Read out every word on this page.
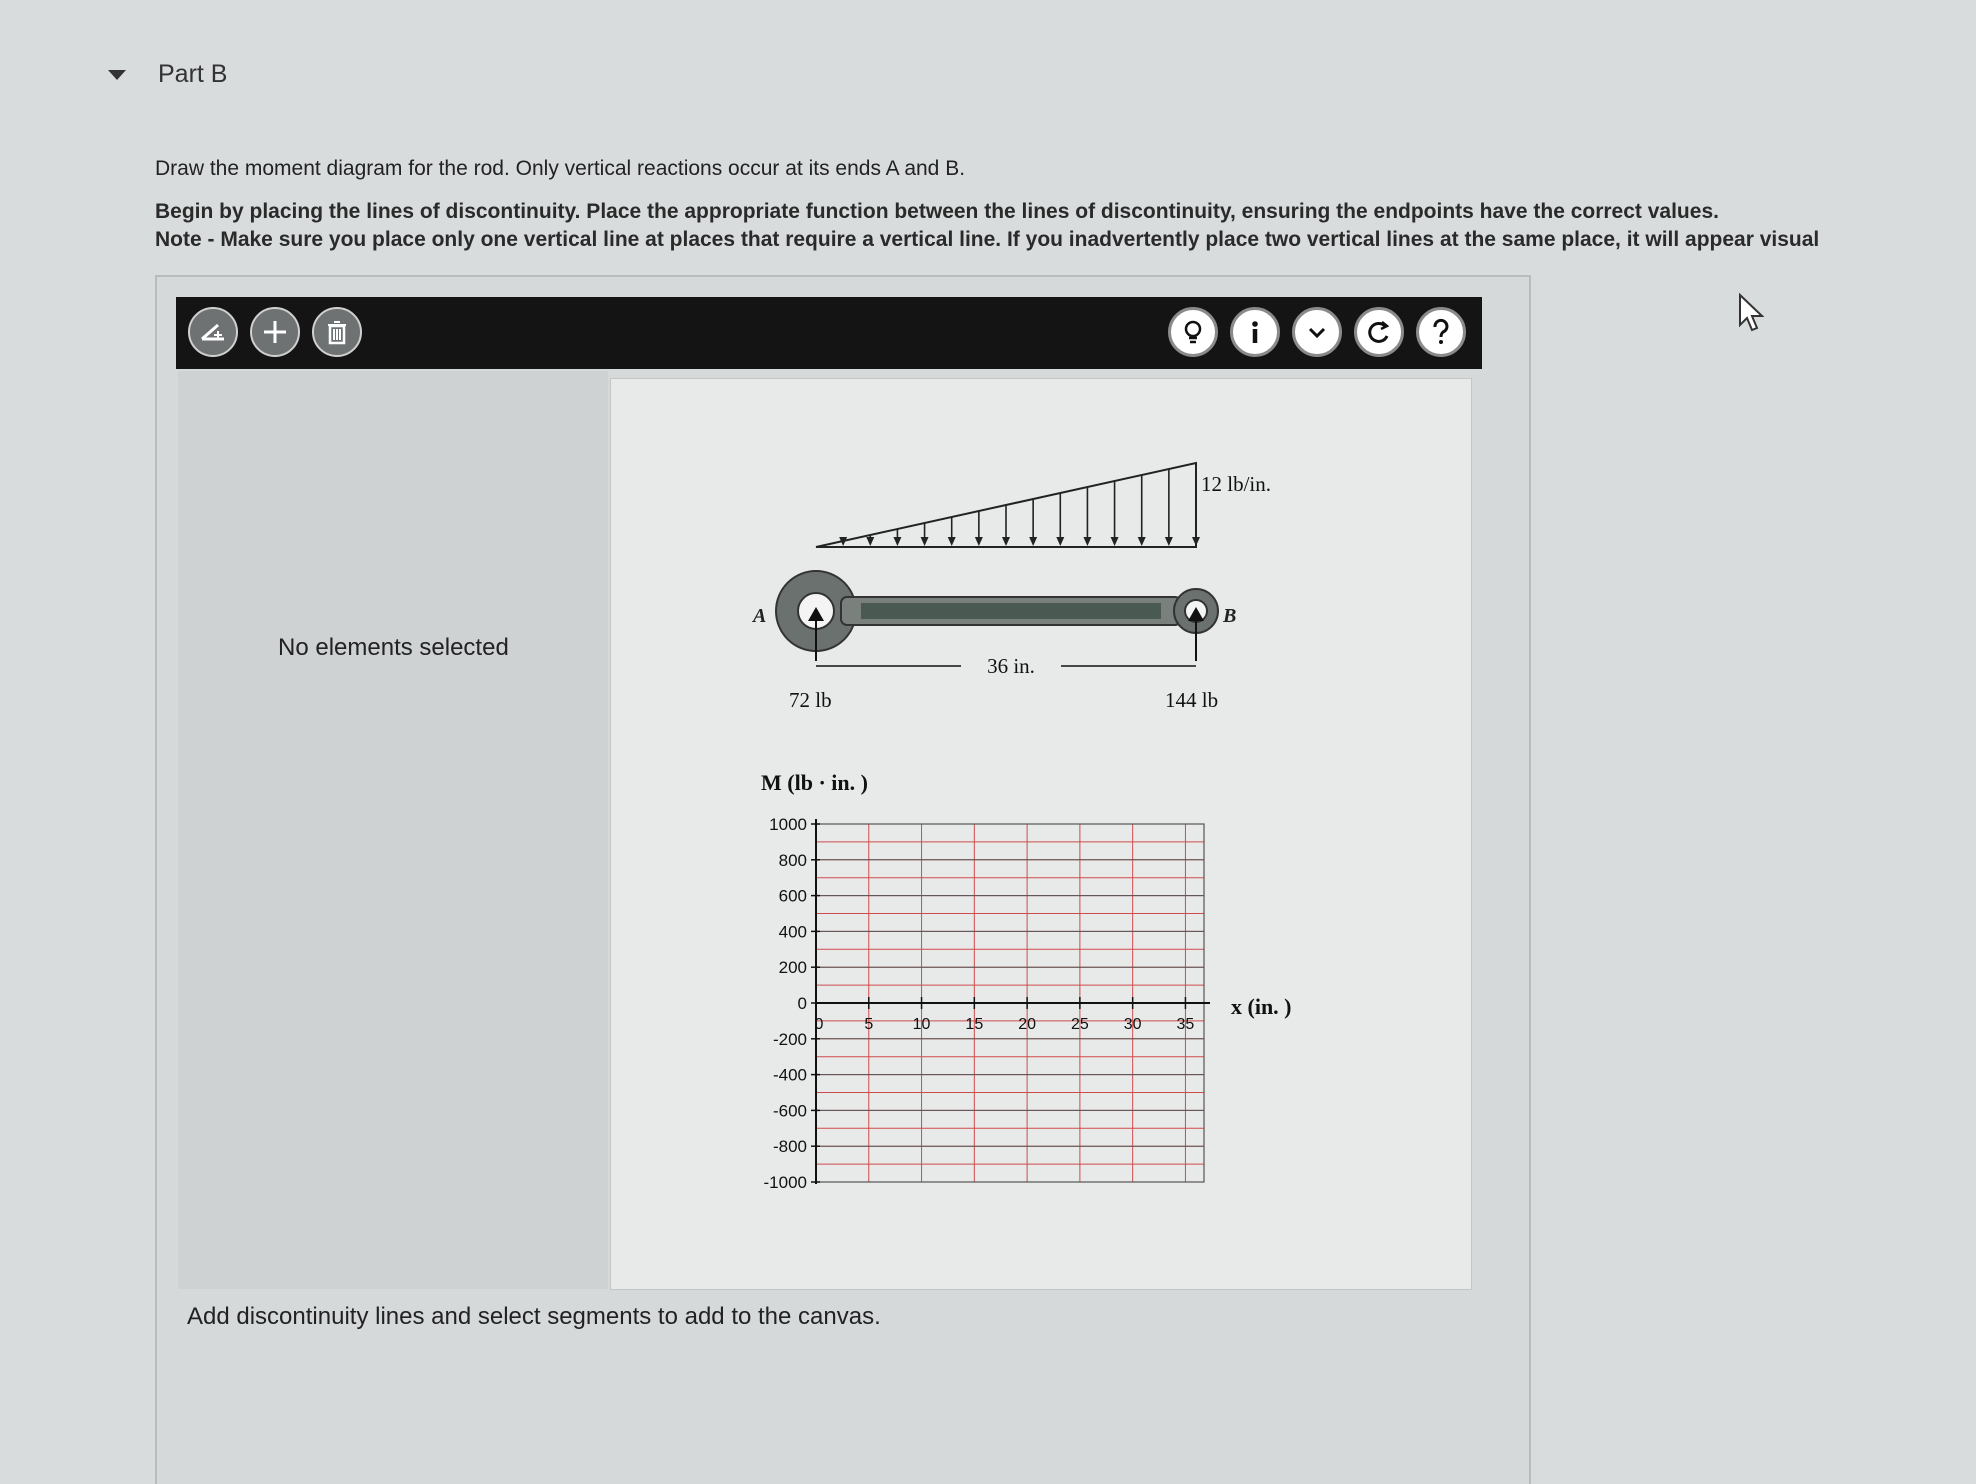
Part B
Draw the moment diagram for the rod. Only vertical reactions occur at its ends A and B.
Begin by placing the lines of discontinuity. Place the appropriate function between the lines of discontinuity, ensuring the endpoints have the correct values.
Note - Make sure you place only one vertical line at places that require a vertical line. If you inadvertently place two vertical lines at the same place, it will appear visual
No elements selected
12 lb/in.
A	B
36 in.
72 lb	144 lb
M (lb · in. )
x (in. )
1000
800
600
400
200
0
-200
-400
-600
-800
-1000
0	5 10 15 20 25 30 35
Add discontinuity lines and select segments to add to the canvas.
